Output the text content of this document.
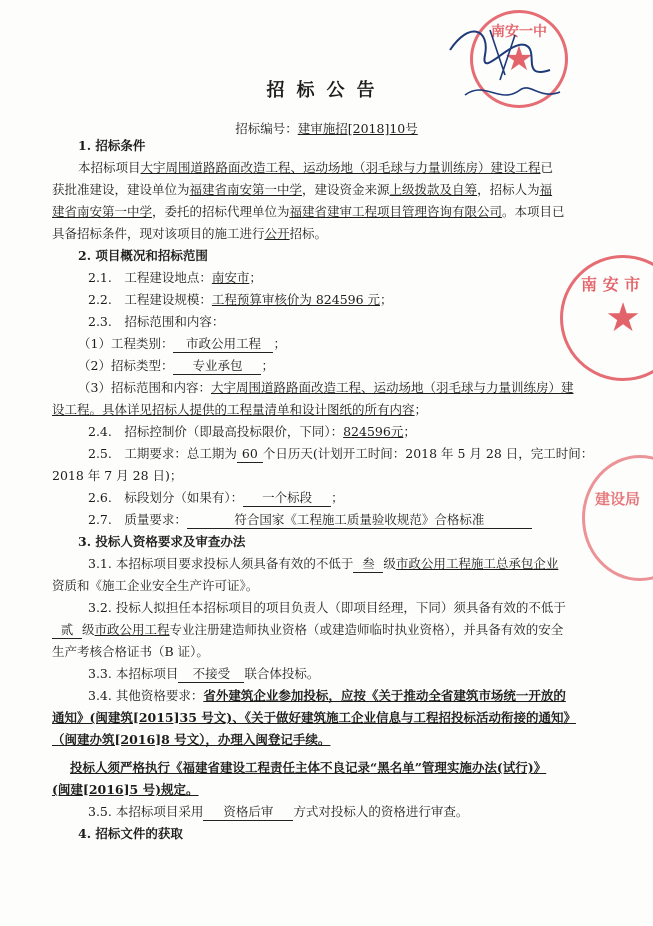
★
南安一中
★
南 安 市
建设局
招标公告
招标编号：建审施招[2018]10号
1. 招标条件
本招标项目大宇周围道路路面改造工程、运动场地（羽毛球与力量训练房）建设工程已
获批准建设，建设单位为福建省南安第一中学，建设资金来源上级拨款及自筹，招标人为福
建省南安第一中学，委托的招标代理单位为福建省建审工程项目管理咨询有限公司。本项目已
具备招标条件，现对该项目的施工进行公开招标。
2. 项目概况和招标范围
2.1.　工程建设地点：南安市；
2.2.　工程建设规模：工程预算审核价为 824596 元；
2.3.　招标范围和内容：
（1）工程类别： 市政公用工程 ；
（2）招标类型： 专业承包 ；
（3）招标范围和内容：大宇周围道路路面改造工程、运动场地（羽毛球与力量训练房）建
设工程。具体详见招标人提供的工程量清单和设计图纸的所有内容；
2.4.　招标控制价（即最高投标限价，下同）：824596元；
2.5.　工期要求：总工期为 60 个日历天(计划开工时间：2018 年 5 月 28 日，完工时间：
2018 年 7 月 28 日)；
2.6.　标段划分（如果有）： 一个标段 ；
2.7.　质量要求：	符合国家《工程施工质量验收规范》合格标准
3. 投标人资格要求及审查办法
3.1. 本招标项目要求投标人须具备有效的不低于 叁 级市政公用工程施工总承包企业
资质和《施工企业安全生产许可证》。
3.2. 投标人拟担任本招标项目的项目负责人（即项目经理，下同）须具备有效的不低于
贰 级市政公用工程专业注册建造师执业资格（或建造师临时执业资格），并具备有效的安全
生产考核合格证书（B 证）。
3.3. 本招标项目 不接受 联合体投标。
3.4. 其他资格要求：省外建筑企业参加投标，应按《关于推动全省建筑市场统一开放的
通知》(闽建筑[2015]35 号文)、《关于做好建筑施工企业信息与工程招投标活动衔接的通知》
（闽建办筑[2016]8 号文），办理入闽登记手续。
投标人须严格执行《福建省建设工程责任主体不良记录“黑名单”管理实施办法(试行)》
(闽建[2016]5 号)规定。
3.5. 本招标项目采用 资格后审 方式对投标人的资格进行审查。
4. 招标文件的获取
